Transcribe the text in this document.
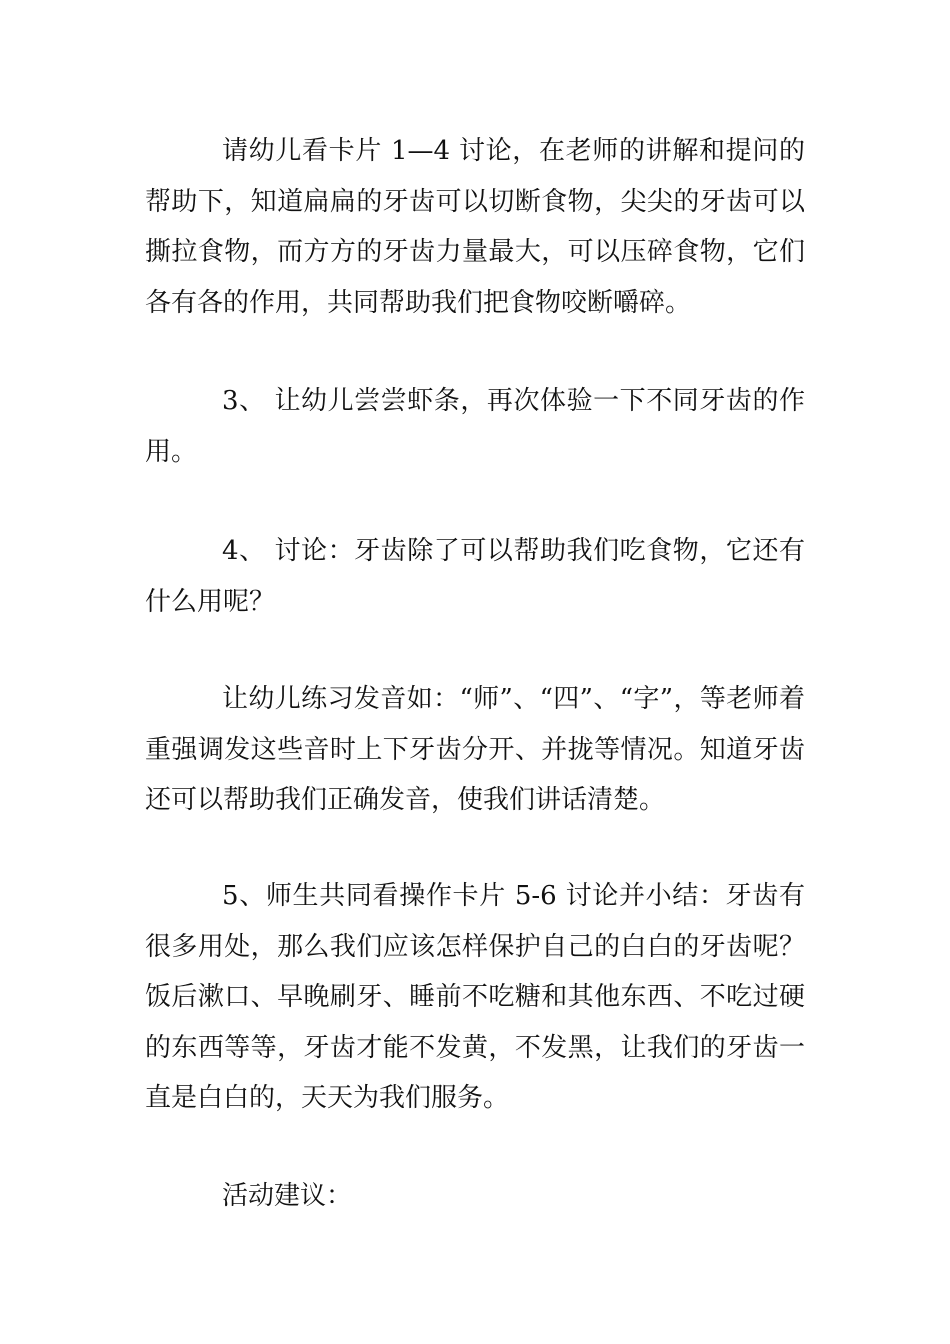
请幼儿看卡片 1—4 讨论，在老师的讲解和提问的帮助下，知道扁扁的牙齿可以切断食物，尖尖的牙齿可以撕拉食物，而方方的牙齿力量最大，可以压碎食物，它们各有各的作用，共同帮助我们把食物咬断嚼碎。

3、 让幼儿尝尝虾条，再次体验一下不同牙齿的作用。

4、 讨论：牙齿除了可以帮助我们吃食物，它还有什么用呢？

让幼儿练习发音如：“师”、“四”、“字”，等老师着重强调发这些音时上下牙齿分开、并拢等情况。知道牙齿还可以帮助我们正确发音，使我们讲话清楚。

5、师生共同看操作卡片 5-6 讨论并小结：牙齿有很多用处，那么我们应该怎样保护自己的白白的牙齿呢？饭后漱口、早晚刷牙、睡前不吃糖和其他东西、不吃过硬的东西等等，牙齿才能不发黄，不发黑，让我们的牙齿一直是白白的，天天为我们服务。

活动建议：
